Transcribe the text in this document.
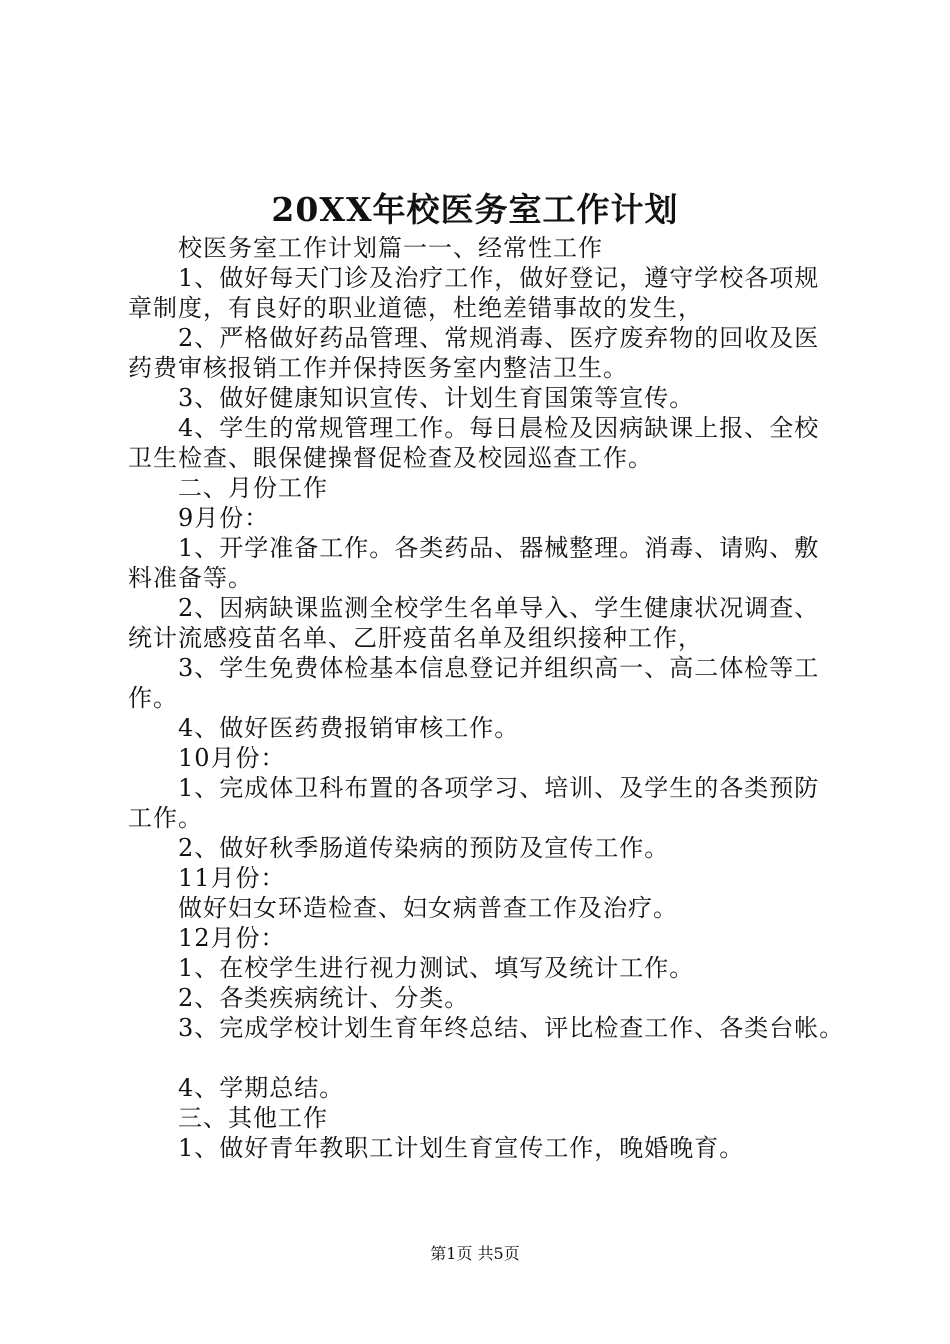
20XX年校医务室工作计划
校医务室工作计划篇一一、经常性工作
1、做好每天门诊及治疗工作，做好登记，遵守学校各项规
章制度，有良好的职业道德，杜绝差错事故的发生，
2、严格做好药品管理、常规消毒、医疗废弃物的回收及医
药费审核报销工作并保持医务室内整洁卫生。
3、做好健康知识宣传、计划生育国策等宣传。
4、学生的常规管理工作。每日晨检及因病缺课上报、全校
卫生检查、眼保健操督促检查及校园巡查工作。
二、月份工作
9月份：
1、开学准备工作。各类药品、器械整理。消毒、请购、敷
料准备等。
2、因病缺课监测全校学生名单导入、学生健康状况调查、
统计流感疫苗名单、乙肝疫苗名单及组织接种工作，
3、学生免费体检基本信息登记并组织高一、高二体检等工
作。
4、做好医药费报销审核工作。
10月份：
1、完成体卫科布置的各项学习、培训、及学生的各类预防
工作。
2、做好秋季肠道传染病的预防及宣传工作。
11月份：
做好妇女环造检查、妇女病普查工作及治疗。
12月份：
1、在校学生进行视力测试、填写及统计工作。
2、各类疾病统计、分类。
3、完成学校计划生育年终总结、评比检查工作、各类台帐。
4、学期总结。
三、其他工作
1、做好青年教职工计划生育宣传工作，晚婚晚育。
第1页 共5页
